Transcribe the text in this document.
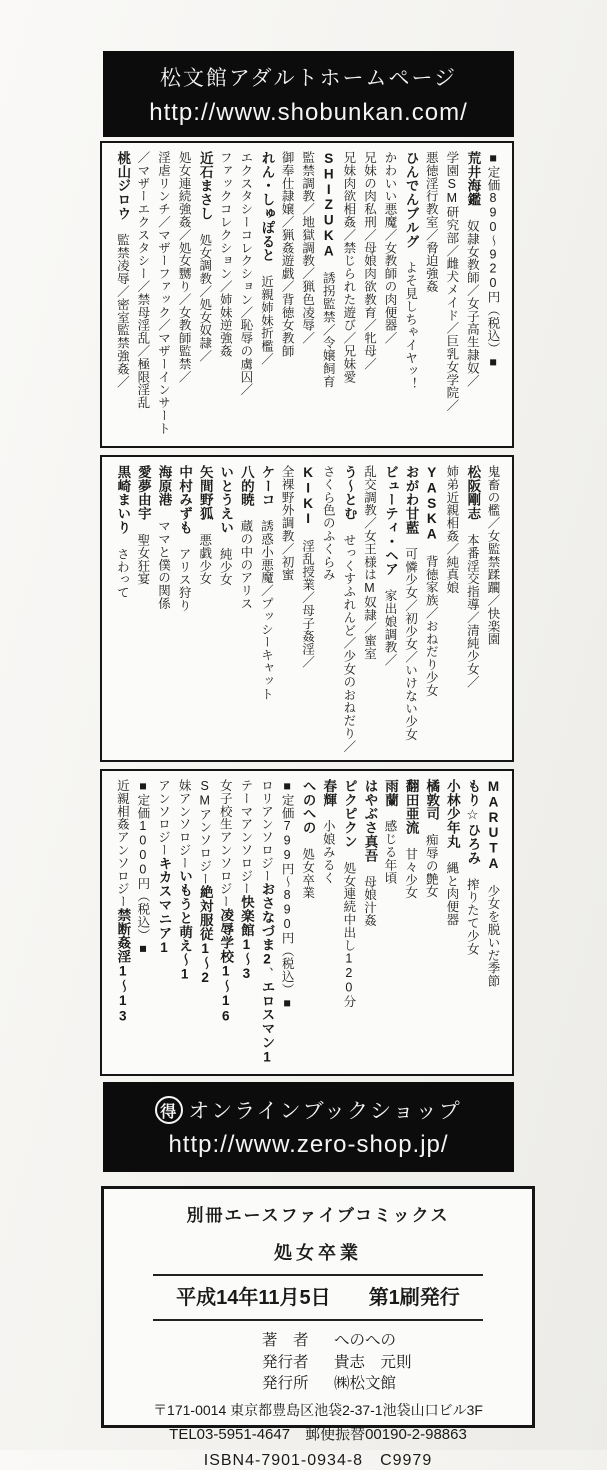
松文館アダルトホームページ
http://www.shobunkan.com/
■定価890〜920円（税込）■
荒井海鑑　奴隷女教師／女子高生隷奴／
学園SM研究部／雌犬メイド／巨乳女学院／
悪徳淫行教室／脅迫強姦
ひんでんブルグ　よそ見しちゃイヤッ！
かわいい悪魔／女教師の肉便器／
兄妹の肉私刑／母娘肉欲教育／牝母／
兄妹肉欲相姦／禁じられた遊び／兄妹愛
SHIZUKA　誘拐監禁／令嬢飼育
監禁調教／地獄調教／猟色凌辱／
御奉仕隷嬢／猟姦遊戯／背徳女教師
れん・しゅぽると　近親姉妹折檻／
エクスタシーコレクション／恥辱の虜囚／
ファックコレクション／姉妹逆強姦
近石まさし　処女調教／処女奴隷／
処女連続強姦／処女嬲り／女教師監禁／
淫虐リンチ／マザーファック／マザーインサート
／マザーエクスタシー／禁母淫乱／極限淫乱
桃山ジロウ　監禁凌辱／密室監禁強姦／
鬼畜の檻／女監禁蹂躙／快楽園
松阪剛志　本番淫交指導／清純少女／
姉弟近親相姦／純真娘
YASKA　背徳家族／おねだり少女
おがわ甘藍　可憐少女／初少女／いけない少女
ビューティ・ヘア　家出娘調教／
乱交調教／女王様はM奴隷／蜜室
う〜とむ　せっくすふれんど／少女のおねだり／
さくら色のふくらみ
KIKI　淫乱授業／母子姦淫／
全裸野外調教／初蜜
ケーコ　誘惑小悪魔／プッシーキャット
八的暁　蔵の中のアリス
いとうえい　純少女
矢間野狐　悪戯少女
中村みずも　アリス狩り
海原港　ママと僕の関係
愛夢由宇　聖女狂宴
黒崎まいり　さわって
MARUTA　少女を脱いだ季節
もり☆ひろみ　搾りたて少女
小林少年丸　縄と肉便器
橘敦司　痴辱の艶女
翻田亜流　甘々少女
雨蘭　感じる年頃
はやぶさ真吾　母娘汁姦
ピクピクン　処女連続中出し120分
春輝　小娘みるく
へのへの　処女卒業
■定価799円〜890円（税込）■
ロリアンソロジーおさなづま2、エロスマン1
テーマアンソロジー快楽館1〜3
女子校生アンソロジー凌辱学校1〜16
SMアンソロジー絶対服従1〜2
妹アンソロジーいもうと萌え〜1
アンソロジーキカスマニア1
■定価1000円（税込）■
近親相姦アンソロジー禁断姦淫1〜13
得 オンラインブックショップ
http://www.zero-shop.jp/
別冊エースファイブコミックス
処女卒業
平成14年11月5日 第1刷発行
著　者	へのへの
発行者	貴志　元則
発行所	㈱松文館
〒171-0014 東京都豊島区池袋2-37-1池袋山口ビル3F
TEL03-5951-4647　郵便振替00190-2-98863
ISBN4-7901-0934-8　C9979
